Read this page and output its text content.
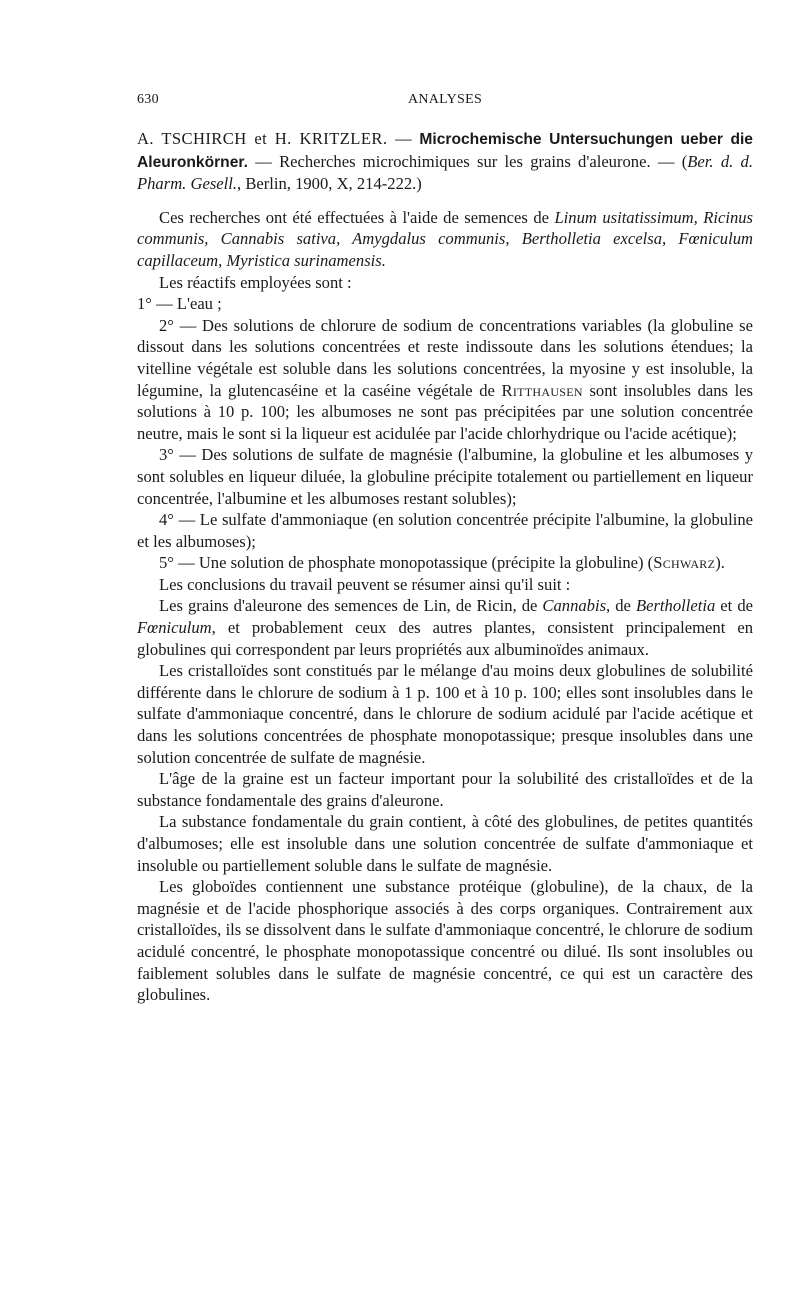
630	ANALYSES
A. TSCHIRCH et H. KRITZLER. — Microchemische Untersuchungen ueber die Aleuronkörner. — Recherches microchimiques sur les grains d'aleurone. — (Ber. d. d. Pharm. Gesell., Berlin, 1900, X, 214-222.)

Ces recherches ont été effectuées à l'aide de semences de Linum usitatissimum, Ricinus communis, Cannabis sativa, Amygdalus communis, Bertholletia excelsa, Fœniculum capillaceum, Myristica surinamensis.

Les réactifs employées sont :

1° — L'eau ;

2° — Des solutions de chlorure de sodium de concentrations variables (la globuline se dissout dans les solutions concentrées et reste indissoute dans les solutions étendues; la vitelline végétale est soluble dans les solutions concentrées, la myosine y est insoluble, la légumine, la glutencaséine et la caséine végétale de Ritthausen sont insolubles dans les solutions à 10 p. 100; les albumoses ne sont pas précipitées par une solution concentrée neutre, mais le sont si la liqueur est acidulée par l'acide chlorhydrique ou l'acide acétique);

3° — Des solutions de sulfate de magnésie (l'albumine, la globuline et les albumoses y sont solubles en liqueur diluée, la globuline précipite totalement ou partiellement en liqueur concentrée, l'albumine et les albumoses restant solubles);

4° — Le sulfate d'ammoniaque (en solution concentrée précipite l'albumine, la globuline et les albumoses);

5° — Une solution de phosphate monopotassique (précipite la globuline) (Schwarz).

Les conclusions du travail peuvent se résumer ainsi qu'il suit :

Les grains d'aleurone des semences de Lin, de Ricin, de Cannabis, de Bertholletia et de Fœniculum, et probablement ceux des autres plantes, consistent principalement en globulines qui correspondent par leurs propriétés aux albuminoïdes animaux.

Les cristalloïdes sont constitués par le mélange d'au moins deux globulines de solubilité différente dans le chlorure de sodium à 1 p. 100 et à 10 p. 100; elles sont insolubles dans le sulfate d'ammoniaque concentré, dans le chlorure de sodium acidulé par l'acide acétique et dans les solutions concentrées de phosphate monopotassique; presque insolubles dans une solution concentrée de sulfate de magnésie.

L'âge de la graine est un facteur important pour la solubilité des cristalloïdes et de la substance fondamentale des grains d'aleurone.

La substance fondamentale du grain contient, à côté des globulines, de petites quantités d'albumoses; elle est insoluble dans une solution concentrée de sulfate d'ammoniaque et insoluble ou partiellement soluble dans le sulfate de magnésie.

Les globoïdes contiennent une substance protéique (globuline), de la chaux, de la magnésie et de l'acide phosphorique associés à des corps organiques. Contrairement aux cristalloïdes, ils se dissolvent dans le sulfate d'ammoniaque concentré, le chlorure de sodium acidulé concentré, le phosphate monopotassique concentré ou dilué. Ils sont insolubles ou faiblement solubles dans le sulfate de magnésie concentré, ce qui est un caractère des globulines.
